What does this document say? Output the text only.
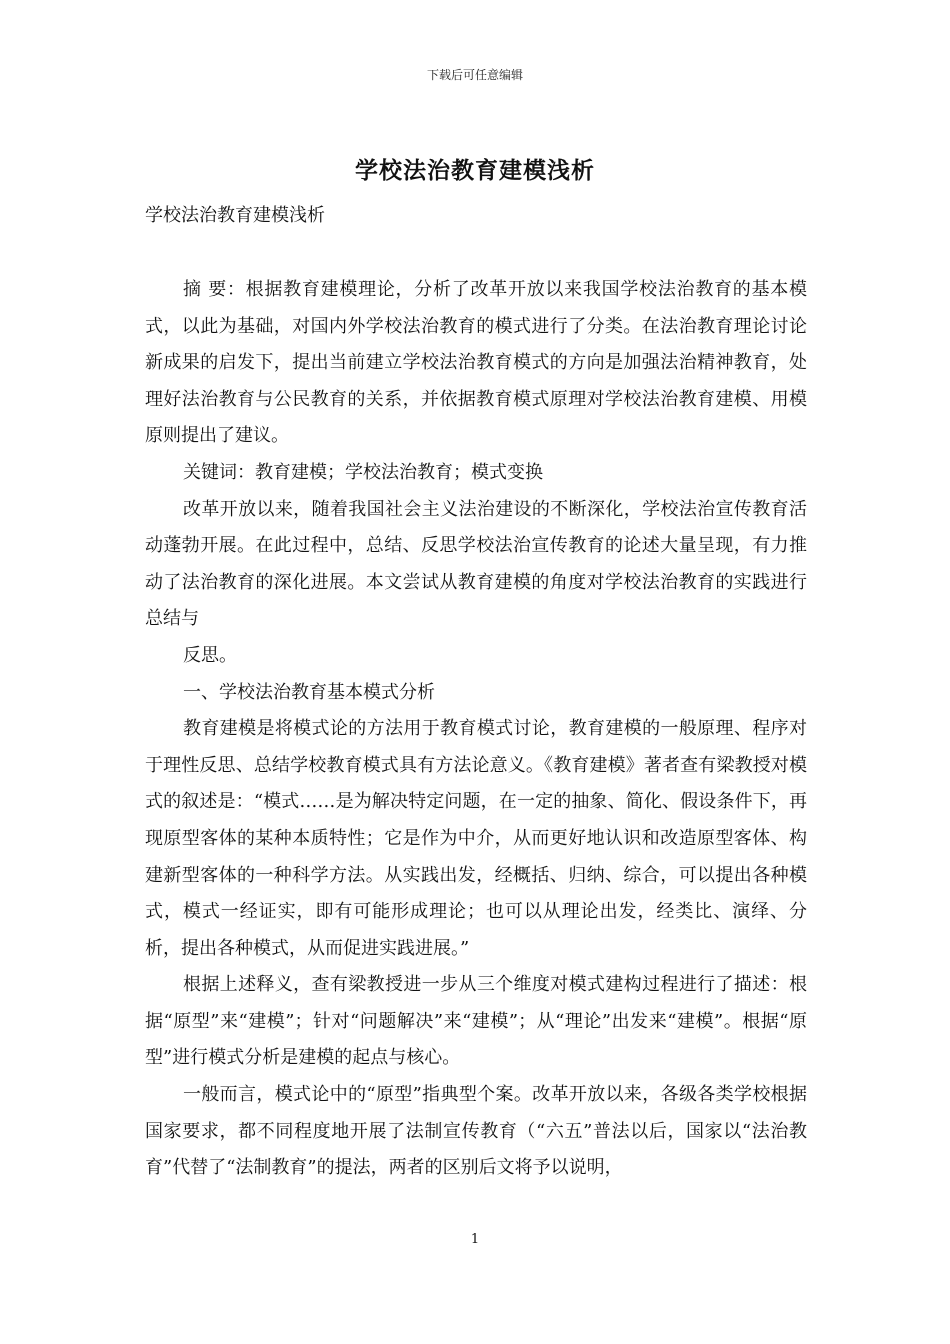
下载后可任意编辑
学校法治教育建模浅析
学校法治教育建模浅析

摘 要：根据教育建模理论，分析了改革开放以来我国学校法治教育的基本模式，以此为基础，对国内外学校法治教育的模式进行了分类。在法治教育理论讨论新成果的启发下，提出当前建立学校法治教育模式的方向是加强法治精神教育，处理好法治教育与公民教育的关系，并依据教育模式原理对学校法治教育建模、用模原则提出了建议。

关键词：教育建模；学校法治教育；模式变换

改革开放以来，随着我国社会主义法治建设的不断深化，学校法治宣传教育活动蓬勃开展。在此过程中，总结、反思学校法治宣传教育的论述大量呈现，有力推动了法治教育的深化进展。本文尝试从教育建模的角度对学校法治教育的实践进行总结与

反思。

一、学校法治教育基本模式分析

教育建模是将模式论的方法用于教育模式讨论，教育建模的一般原理、程序对于理性反思、总结学校教育模式具有方法论意义。《教育建模》著者查有梁教授对模式的叙述是：“模式……是为解决特定问题，在一定的抽象、简化、假设条件下，再现原型客体的某种本质特性；它是作为中介，从而更好地认识和改造原型客体、构建新型客体的一种科学方法。从实践出发，经概括、归纳、综合，可以提出各种模式，模式一经证实，即有可能形成理论；也可以从理论出发，经类比、演绎、分析，提出各种模式，从而促进实践进展。”

根据上述释义，查有梁教授进一步从三个维度对模式建构过程进行了描述：根据“原型”来“建模”；针对“问题解决”来“建模”；从“理论”出发来“建模”。根据“原型”进行模式分析是建模的起点与核心。

一般而言，模式论中的“原型”指典型个案。改革开放以来，各级各类学校根据国家要求，都不同程度地开展了法制宣传教育（“六五”普法以后，国家以“法治教育”代替了“法制教育”的提法，两者的区别后文将予以说明，

1
